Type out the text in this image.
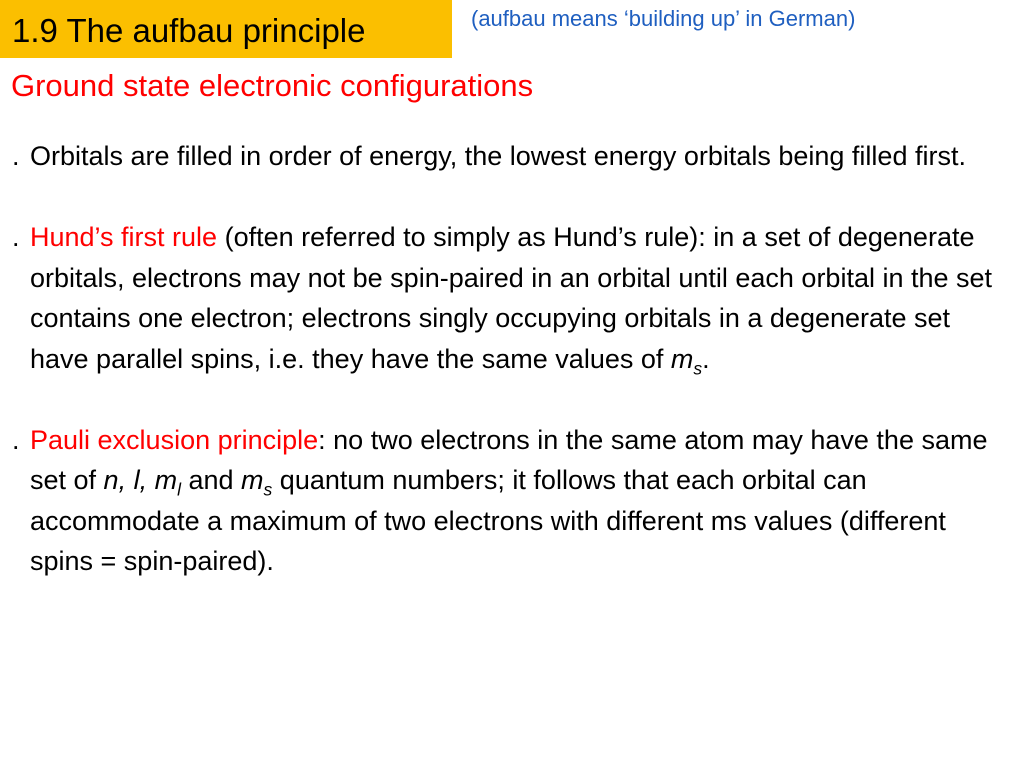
1.9 The aufbau principle	(aufbau means ‘building up’ in German)
Ground state electronic configurations
. Orbitals are filled in order of energy, the lowest energy orbitals being filled first.
. Hund’s first rule (often referred to simply as Hund’s rule): in a set of degenerate orbitals, electrons may not be spin-paired in an orbital until each orbital in the set contains one electron; electrons singly occupying orbitals in a degenerate set have parallel spins, i.e. they have the same values of $m_s$.
. Pauli exclusion principle: no two electrons in the same atom may have the same set of n, l, $m_l$ and $m_s$ quantum numbers; it follows that each orbital can accommodate a maximum of two electrons with different ms values (different spins = spin-paired).
